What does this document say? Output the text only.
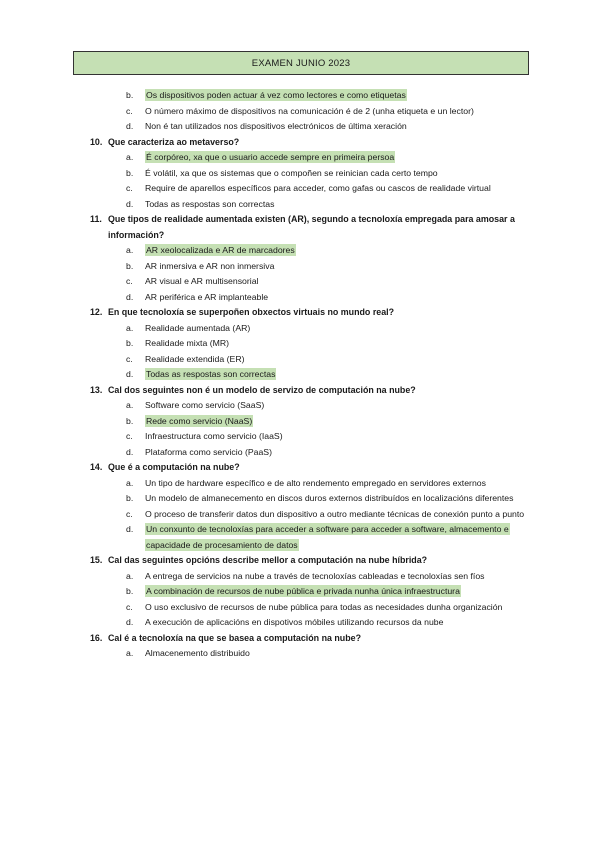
EXAMEN JUNIO 2023
b. Os dispositivos poden actuar á vez como lectores e como etiquetas
c. O número máximo de dispositivos na comunicación é de 2 (unha etiqueta e un lector)
d. Non é tan utilizados nos dispositivos electrónicos de última xeración
10. Que caracteriza ao metaverso?
a. É corpóreo, xa que o usuario accede sempre en primeira persoa
b. É volátil, xa que os sistemas que o compoñen se reinician cada certo tempo
c. Require de aparellos específicos para acceder, como gafas ou cascos de realidade virtual
d. Todas as respostas son correctas
11. Que tipos de realidade aumentada existen (AR), segundo a tecnoloxía empregada para amosar a información?
a. AR xeolocalizada e AR de marcadores
b. AR inmersiva e AR non inmersiva
c. AR visual e AR multisensorial
d. AR periférica e AR implanteable
12. En que tecnoloxía se superpoñen obxectos virtuais no mundo real?
a. Realidade aumentada (AR)
b. Realidade mixta (MR)
c. Realidade extendida (ER)
d. Todas as respostas son correctas
13. Cal dos seguintes non é un modelo de servizo de computación na nube?
a. Software como servicio (SaaS)
b. Rede como servicio (NaaS)
c. Infraestructura como servicio (IaaS)
d. Plataforma como servicio (PaaS)
14. Que é a computación na nube?
a. Un tipo de hardware específico e de alto rendemento empregado en servidores externos
b. Un modelo de almanecemento en discos duros externos distribuídos en localizacións diferentes
c. O proceso de transferir datos dun dispositivo a outro mediante técnicas de conexión punto a punto
d. Un conxunto de tecnoloxías para acceder a software para acceder a software, almacemento e capacidade de procesamiento de datos
15. Cal das seguintes opcións describe mellor a computación na nube híbrida?
a. A entrega de servicios na nube a través de tecnoloxías cableadas e tecnoloxías sen fíos
b. A combinación de recursos de nube pública e privada nunha única infraestructura
c. O uso exclusivo de recursos de nube pública para todas as necesidades dunha organización
d. A execución de aplicacións en dispotivos móbiles utilizando recursos da nube
16. Cal é a tecnoloxía na que se basea a computación na nube?
a. Almacenemento distribuido
